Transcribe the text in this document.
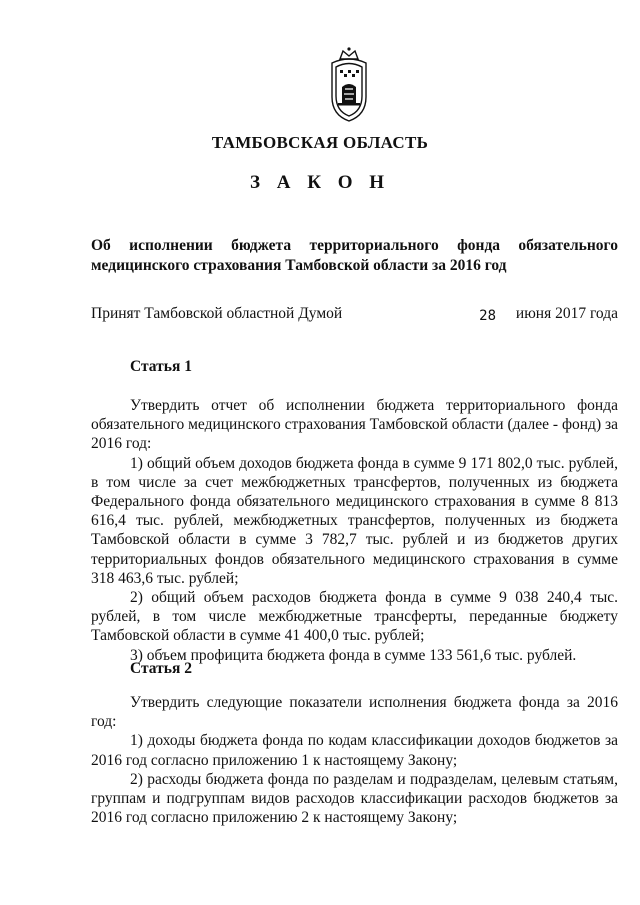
ТАМБОВСКАЯ ОБЛАСТЬ
З А К О Н
Об исполнении бюджета территориального фонда обязательного
медицинского страхования Тамбовской области за 2016 год
Принят Тамбовской областной Думой	28 июня 2017 года
Статья 1

Утвердить отчет об исполнении бюджета территориального фонда обязательного медицинского страхования Тамбовской области (далее - фонд) за 2016 год:

1) общий объем доходов бюджета фонда в сумме 9 171 802,0 тыс. рублей, в том числе за счет межбюджетных трансфертов, полученных из бюджета Федерального фонда обязательного медицинского страхования в сумме 8 813 616,4 тыс. рублей, межбюджетных трансфертов, полученных из бюджета Тамбовской области в сумме 3 782,7 тыс. рублей и из бюджетов других территориальных фондов обязательного медицинского страхования в сумме 318 463,6 тыс. рублей;

2) общий объем расходов бюджета фонда в сумме 9 038 240,4 тыс. рублей, в том числе межбюджетные трансферты, переданные бюджету Тамбовской области в сумме 41 400,0 тыс. рублей;

3) объем профицита бюджета фонда в сумме 133 561,6 тыс. рублей.

Статья 2

Утвердить следующие показатели исполнения бюджета фонда за 2016 год:

1) доходы бюджета фонда по кодам классификации доходов бюджетов за 2016 год согласно приложению 1 к настоящему Закону;

2) расходы бюджета фонда по разделам и подразделам, целевым статьям, группам и подгруппам видов расходов классификации расходов бюджетов за 2016 год согласно приложению 2 к настоящему Закону;
